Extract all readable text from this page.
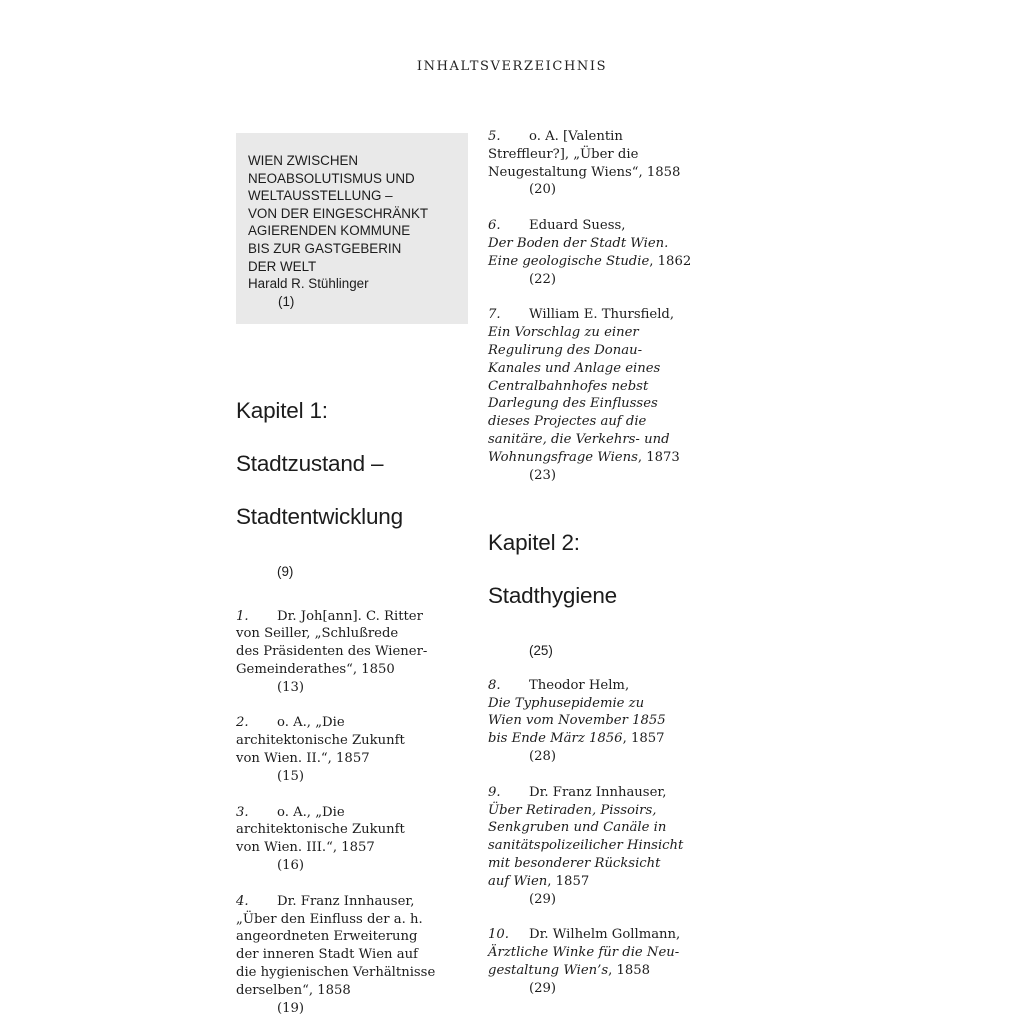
INHALTSVERZEICHNIS
WIEN ZWISCHEN
NEOABSOLUTISMUS UND
WELTAUSSTELLUNG –
VON DER EINGESCHRÄNKT
AGIERENDEN KOMMUNE
BIS ZUR GASTGEBERIN
DER WELT
Harald R. Stühlinger
(1)

Kapitel 1:

Stadtzustand –

Stadtentwicklung

(9)
1. Dr. Joh[ann]. C. Ritter
von Seiller, „Schlußrede
des Präsidenten des Wiener-
Gemeinderathes“, 1850
(13)
2. o. A., „Die
architektonische Zukunft
von Wien. II.“, 1857
(15)
3. o. A., „Die
architektonische Zukunft
von Wien. III.“, 1857
(16)
4. Dr. Franz Innhauser,
„Über den Einfluss der a. h.
angeordneten Erweiterung
der inneren Stadt Wien auf
die hygienischen Verhältnisse
derselben“, 1858
(19)
5. o. A. [Valentin
Streffleur?], „Über die
Neugestaltung Wiens“, 1858
(20)
6. Eduard Suess,
Der Boden der Stadt Wien.
Eine geologische Studie, 1862
(22)
7. William E. Thursfield,
Ein Vorschlag zu einer
Regulirung des Donau-
Kanales und Anlage eines
Centralbahnhofes nebst
Darlegung des Einflusses
dieses Projectes auf die
sanitäre, die Verkehrs- und
Wohnungsfrage Wiens, 1873
(23)

Kapitel 2:

Stadthygiene

(25)
8. Theodor Helm,
Die Typhusepidemie zu
Wien vom November 1855
bis Ende März 1856, 1857
(28)
9. Dr. Franz Innhauser,
Über Retiraden, Pissoirs,
Senkgruben und Canäle in
sanitätspolizeilicher Hinsicht
mit besonderer Rücksicht
auf Wien, 1857
(29)
10. Dr. Wilhelm Gollmann,
Ärztliche Winke für die Neu-
gestaltung Wien’s, 1858
(29)
